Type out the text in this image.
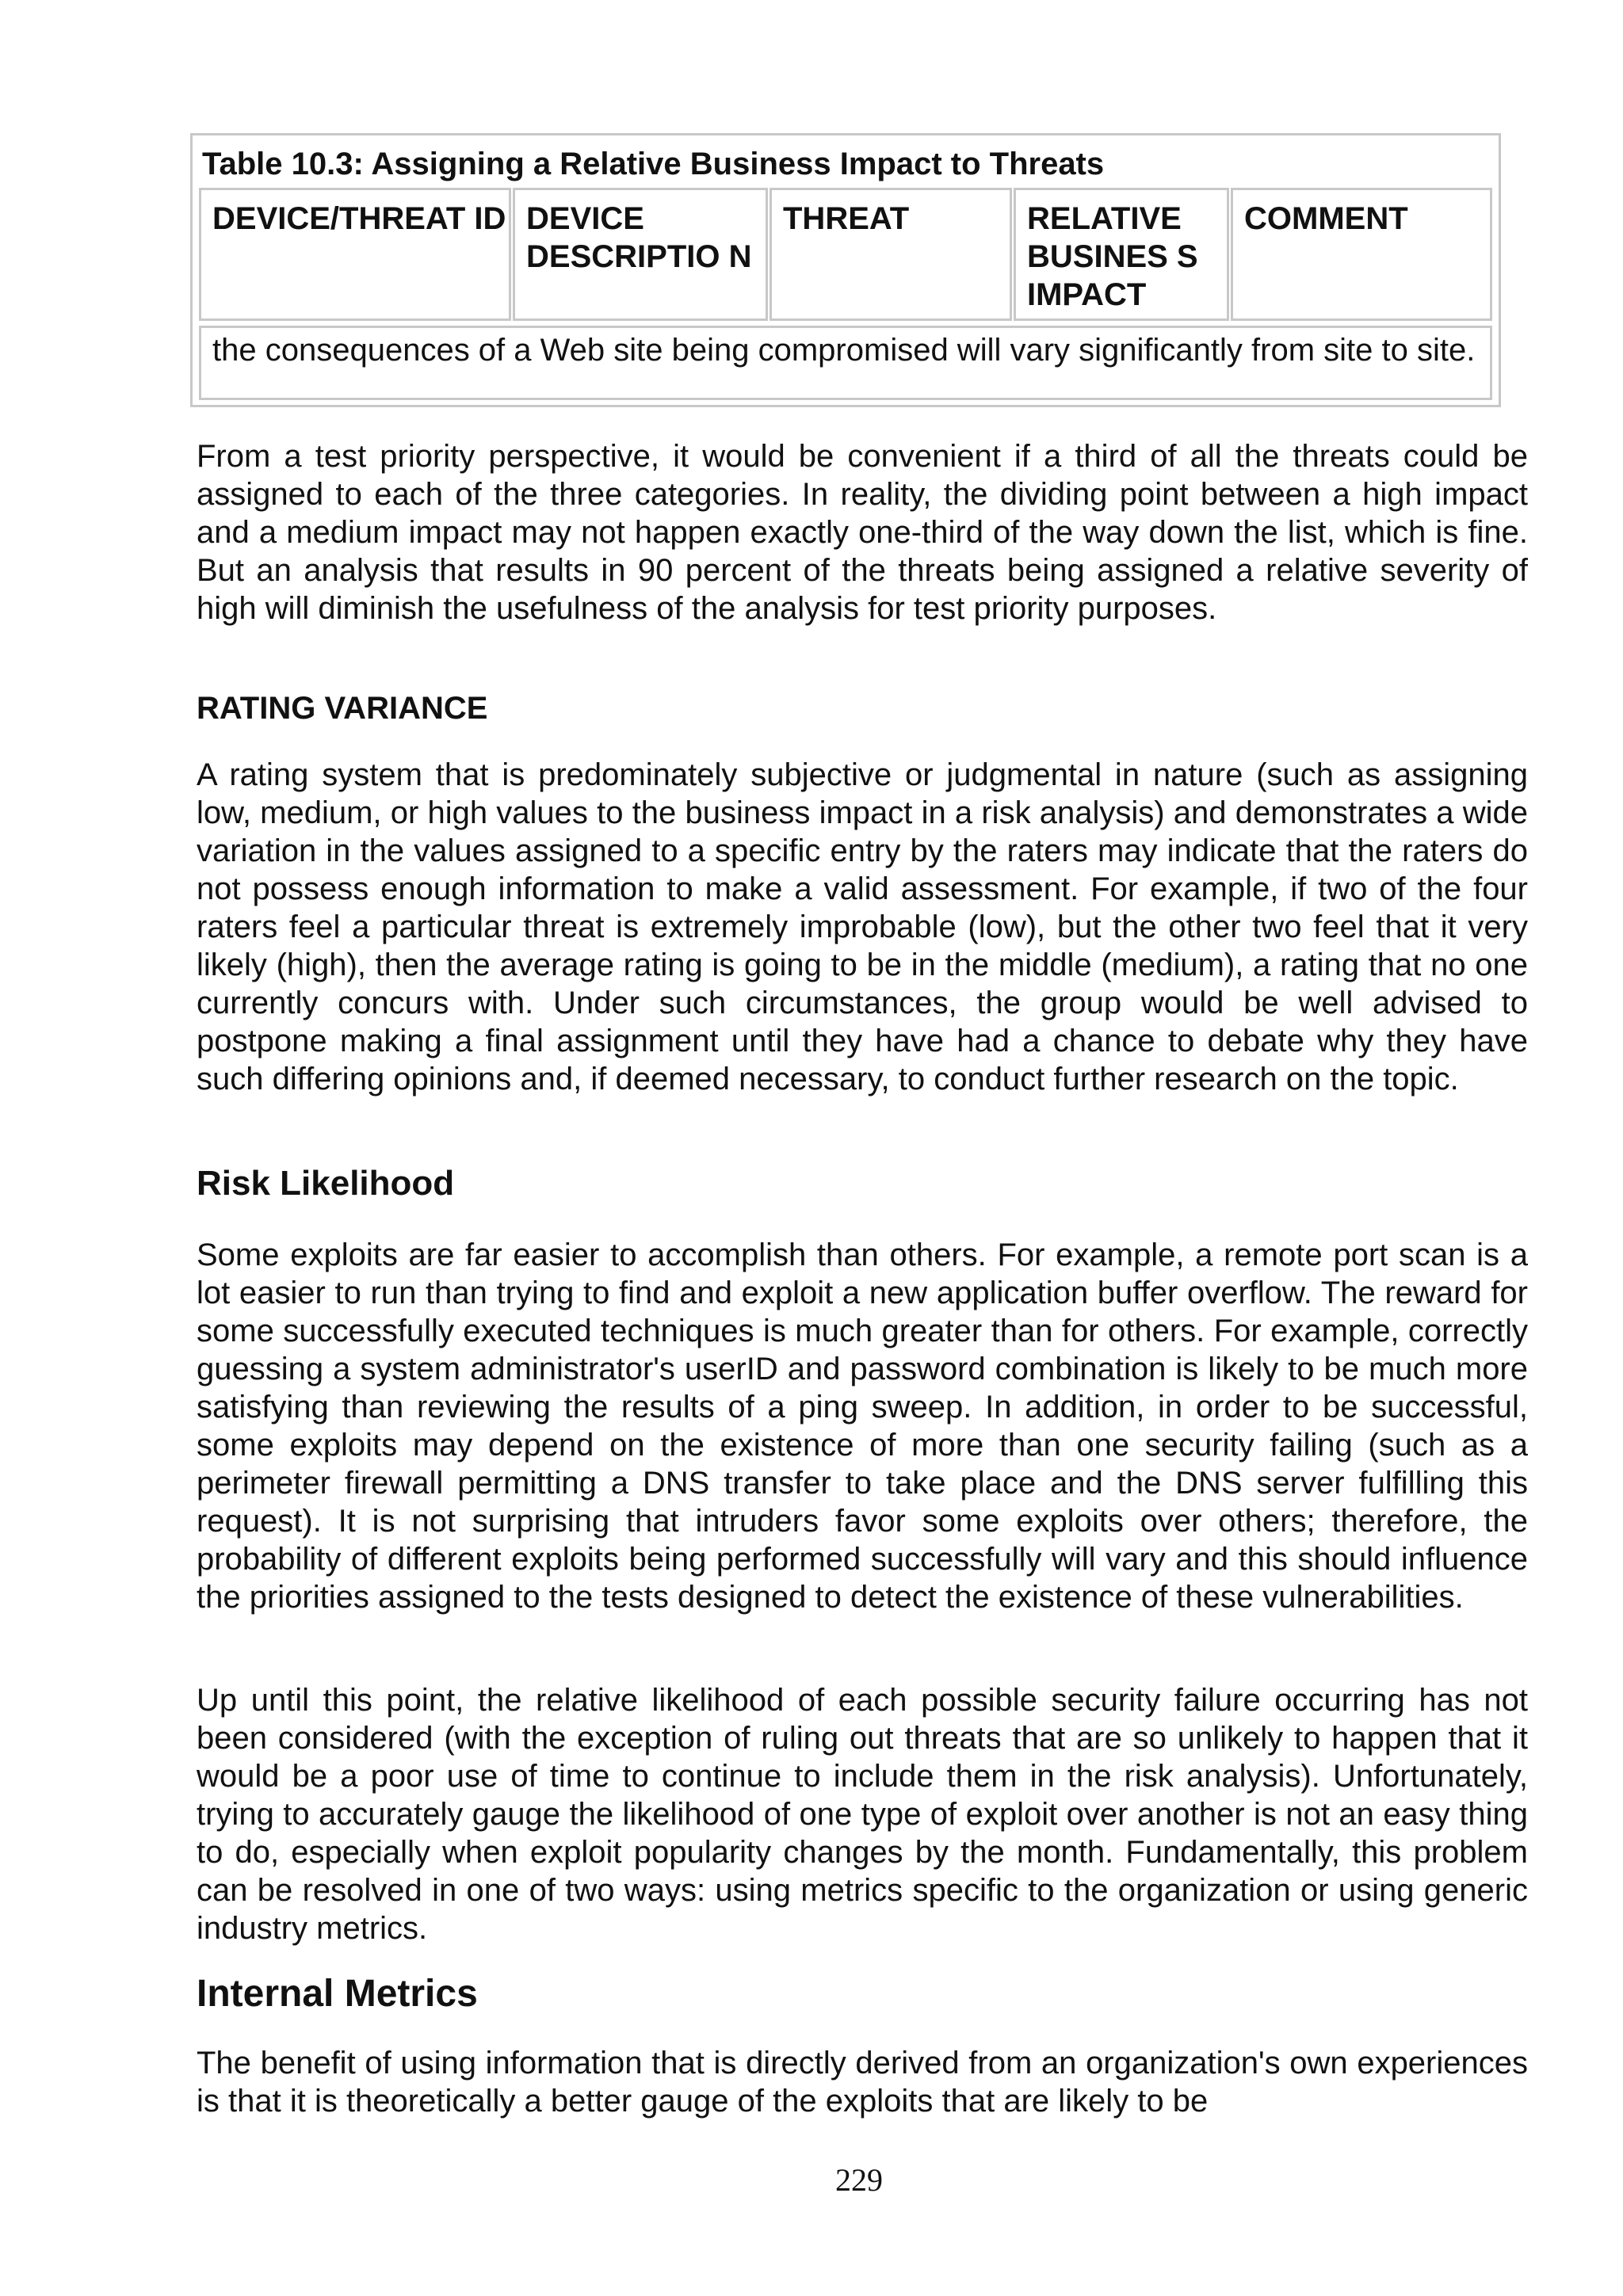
Table 10.3: Assigning a Relative Business Impact to Threats
DEVICE/THREAT ID DEVICE DESCRIPTIO N
THREAT	RELATIVE BUSINES S IMPACT
COMMENT
the consequences of a Web site being compromised will vary significantly from site to site.

From a test priority perspective, it would be convenient if a third of all the threats could be assigned to each of the three categories. In reality, the dividing point between a high impact and a medium impact may not happen exactly one-third of the way down the list, which is fine. But an analysis that results in 90 percent of the threats being assigned a relative severity of high will diminish the usefulness of the analysis for test priority purposes.

RATING VARIANCE

A rating system that is predominately subjective or judgmental in nature (such as assigning low, medium, or high values to the business impact in a risk analysis) and demonstrates a wide variation in the values assigned to a specific entry by the raters may indicate that the raters do not possess enough information to make a valid assessment. For example, if two of the four raters feel a particular threat is extremely improbable (low), but the other two feel that it very likely (high), then the average rating is going to be in the middle (medium), a rating that no one currently concurs with. Under such circumstances, the group would be well advised to postpone making a final assignment until they have had a chance to debate why they have such differing opinions and, if deemed necessary, to conduct further research on the topic.

Risk Likelihood

Some exploits are far easier to accomplish than others. For example, a remote port scan is a lot easier to run than trying to find and exploit a new application buffer overflow. The reward for some successfully executed techniques is much greater than for others. For example, correctly guessing a system administrator's userID and password combination is likely to be much more satisfying than reviewing the results of a ping sweep. In addition, in order to be successful, some exploits may depend on the existence of more than one security failing (such as a perimeter firewall permitting a DNS transfer to take place and the DNS server fulfilling this request). It is not surprising that intruders favor some exploits over others; therefore, the probability of different exploits being performed successfully will vary and this should influence the priorities assigned to the tests designed to detect the existence of these vulnerabilities.

Up until this point, the relative likelihood of each possible security failure occurring has not been considered (with the exception of ruling out threats that are so unlikely to happen that it would be a poor use of time to continue to include them in the risk analysis). Unfortunately, trying to accurately gauge the likelihood of one type of exploit over another is not an easy thing to do, especially when exploit popularity changes by the month. Fundamentally, this problem can be resolved in one of two ways: using metrics specific to the organization or using generic industry metrics.

Internal Metrics

The benefit of using information that is directly derived from an organization's own experiences is that it is theoretically a better gauge of the exploits that are likely to be

229
